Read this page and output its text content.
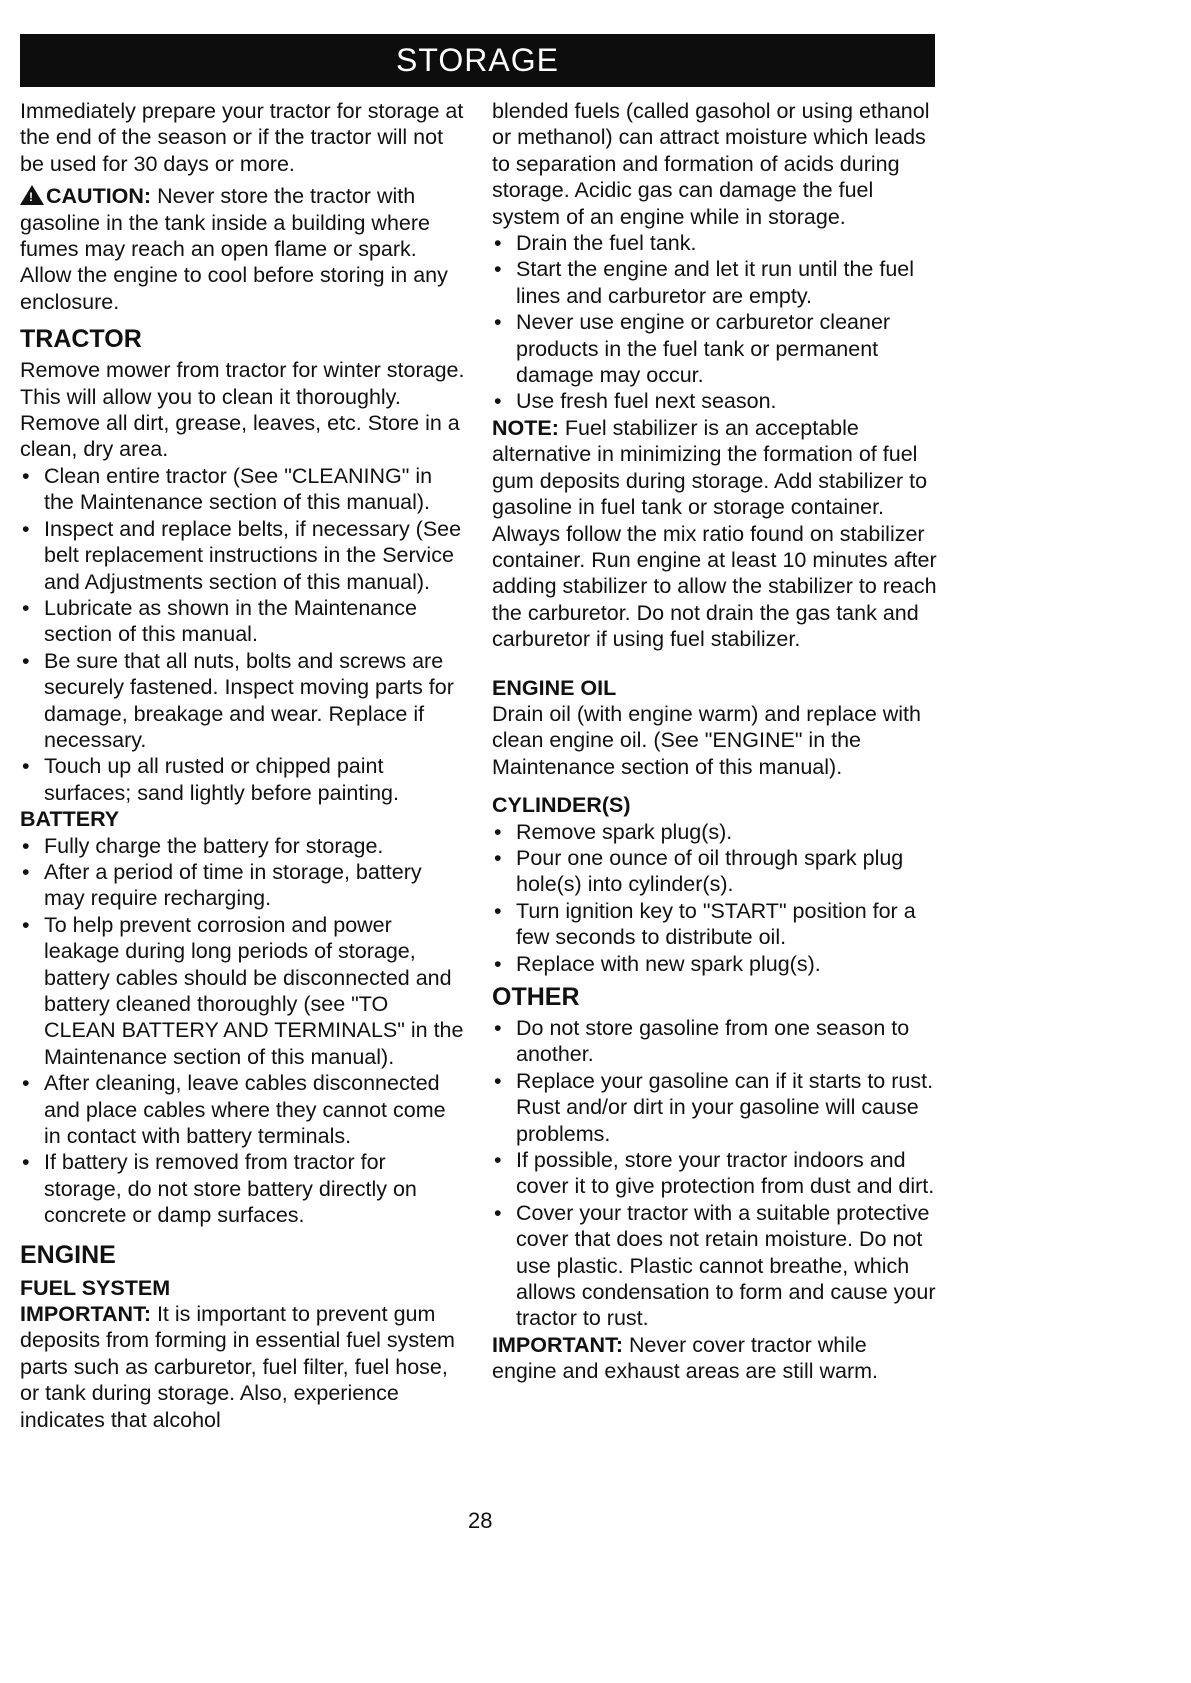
STORAGE

Immediately prepare your tractor for storage at the end of the season or if the tractor will not be used for 30 days or more.

!CAUTION: Never store the tractor with gasoline in the tank inside a building where fumes may reach an open flame or spark. Allow the engine to cool before storing in any enclosure.

TRACTOR

Remove mower from tractor for winter storage. This will allow you to clean it thoroughly. Remove all dirt, grease, leaves, etc. Store in a clean, dry area.

• Clean entire tractor (See "CLEANING" in the Maintenance section of this manual).
• Inspect and replace belts, if necessary (See belt replacement instructions in the Service and Adjustments section of this manual).
• Lubricate as shown in the Maintenance section of this manual.
• Be sure that all nuts, bolts and screws are securely fastened. Inspect moving parts for damage, breakage and wear. Replace if necessary.
• Touch up all rusted or chipped paint surfaces; sand lightly before painting.
BATTERY
• Fully charge the battery for storage.
• After a period of time in storage, battery may require recharging.
• To help prevent corrosion and power leakage during long periods of storage, battery cables should be disconnected and battery cleaned thoroughly (see "TO CLEAN BATTERY AND TERMINALS" in the Maintenance section of this manual).
• After cleaning, leave cables disconnected and place cables where they cannot come in contact with battery terminals.
• If battery is removed from tractor for storage, do not store battery directly on concrete or damp surfaces.
ENGINE
FUEL SYSTEM

IMPORTANT: It is important to prevent gum deposits from forming in essential fuel system parts such as carburetor, fuel filter, fuel hose, or tank during storage. Also, experience indicates that alcohol

blended fuels (called gasohol or using ethanol or methanol) can attract moisture which leads to separation and formation of acids during storage. Acidic gas can damage the fuel system of an engine while in storage.

• Drain the fuel tank.
• Start the engine and let it run until the fuel lines and carburetor are empty.
• Never use engine or carburetor cleaner products in the fuel tank or permanent damage may occur.
• Use fresh fuel next season.

NOTE: Fuel stabilizer is an acceptable alternative in minimizing the formation of fuel gum deposits during storage. Add stabilizer to gasoline in fuel tank or storage container. Always follow the mix ratio found on stabilizer container. Run engine at least 10 minutes after adding stabilizer to allow the stabilizer to reach the carburetor. Do not drain the gas tank and carburetor if using fuel stabilizer.

ENGINE OIL

Drain oil (with engine warm) and replace with clean engine oil. (See "ENGINE" in the Maintenance section of this manual).

CYLINDER(S)
• Remove spark plug(s).
• Pour one ounce of oil through spark plug hole(s) into cylinder(s).
• Turn ignition key to "START" position for a few seconds to distribute oil.
• Replace with new spark plug(s).
OTHER
• Do not store gasoline from one season to another.
• Replace your gasoline can if it starts to rust. Rust and/or dirt in your gasoline will cause problems.
• If possible, store your tractor indoors and cover it to give protection from dust and dirt.
• Cover your tractor with a suitable protective cover that does not retain moisture. Do not use plastic. Plastic cannot breathe, which allows condensation to form and cause your tractor to rust.

IMPORTANT: Never cover tractor while engine and exhaust areas are still warm.

28
